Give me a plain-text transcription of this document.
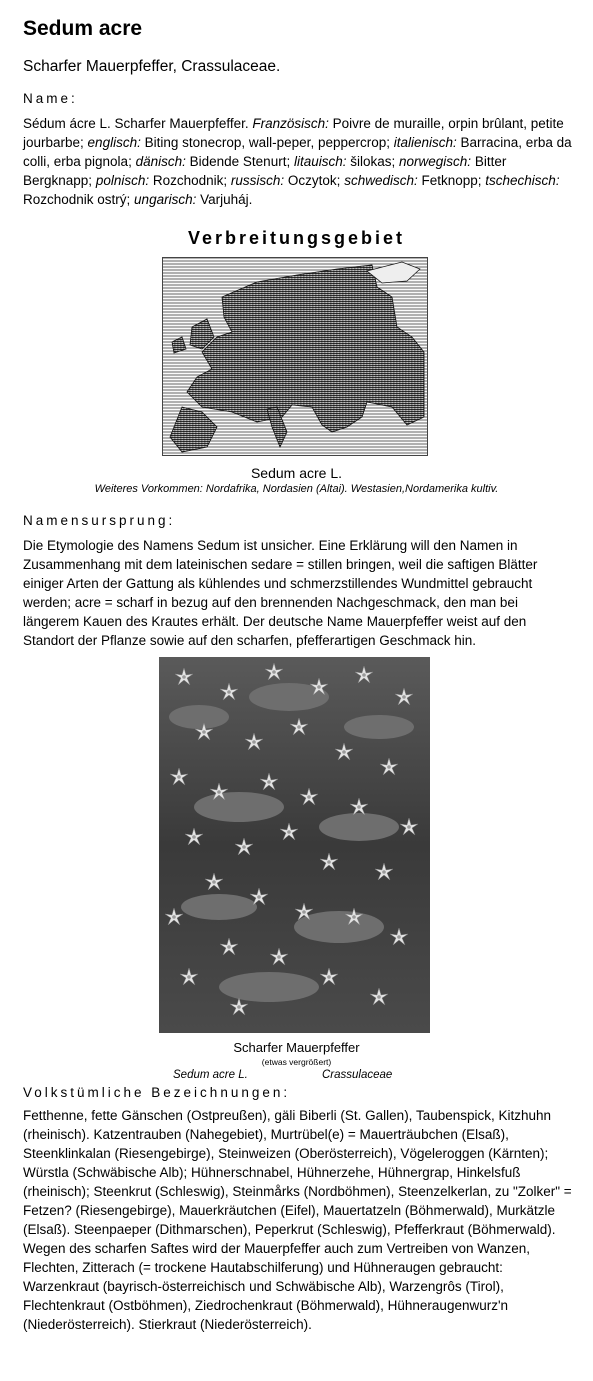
Sedum acre
Scharfer Mauerpfeffer, Crassulaceae.
Name:

Sédum ácre L. Scharfer Mauerpfeffer. Französisch: Poivre de muraille, orpin brûlant, petite jourbarbe; englisch: Biting stonecrop, wall-peper, peppercrop; italienisch: Barracina, erba da colli, erba pignola; dänisch: Bidende Stenurt; litauisch: šilokas; norwegisch: Bitter Bergknapp; polnisch: Rozchodnik; russisch: Oczytok; schwedisch: Fetknopp; tschechisch: Rozchodnik ostrý; ungarisch: Varjuháj.

Verbreitungsgebiet
Sedum acre L.
Weiteres Vorkommen: Nordafrika, Nordasien (Altai). Westasien,Nordamerika kultiv.
Namensursprung:

Die Etymologie des Namens Sedum ist unsicher. Eine Erklärung will den Namen in Zusammenhang mit dem lateinischen sedare = stillen bringen, weil die saftigen Blätter einiger Arten der Gattung als kühlendes und schmerzstillendes Wundmittel gebraucht werden; acre = scharf in bezug auf den brennenden Nachgeschmack, den man bei längerem Kauen des Krautes erhält. Der deutsche Name Mauerpfeffer weist auf den Standort der Pflanze sowie auf den scharfen, pfefferartigen Geschmack hin.

Scharfer Mauerpfeffer
(etwas vergrößert)
Sedum acre L.	Crassulaceae
Volkstümliche Bezeichnungen:

Fetthenne, fette Gänschen (Ostpreußen), gäli Biberli (St. Gallen), Taubenspick, Kitzhuhn (rheinisch). Katzentrauben (Nahegebiet), Murtrübel(e) = Mauerträubchen (Elsaß), Steenklinkalan (Riesengebirge), Steinweizen (Oberösterreich), Vögeleroggen (Kärnten); Würstla (Schwäbische Alb); Hühnerschnabel, Hühnerzehe, Hühnergrap, Hinkelsfuß (rheinisch); Steenkrut (Schleswig), Steinmårks (Nordböhmen), Steenzelkerlan, zu "Zolker" = Fetzen? (Riesengebirge), Mauerkräutchen (Eifel), Mauertatzeln (Böhmerwald), Murkätzle (Elsaß). Steenpaeper (Dithmarschen), Peperkrut (Schleswig), Pfefferkraut (Böhmerwald). Wegen des scharfen Saftes wird der Mauerpfeffer auch zum Vertreiben von Wanzen, Flechten, Zitterach (= trockene Hautabschilferung) und Hühneraugen gebraucht: Warzenkraut (bayrisch-österreichisch und Schwäbische Alb), Warzengrôs (Tirol), Flechtenkraut (Ostböhmen), Ziedrochenkraut (Böhmerwald), Hühneraugenwurz'n (Niederösterreich). Stierkraut (Niederösterreich).
